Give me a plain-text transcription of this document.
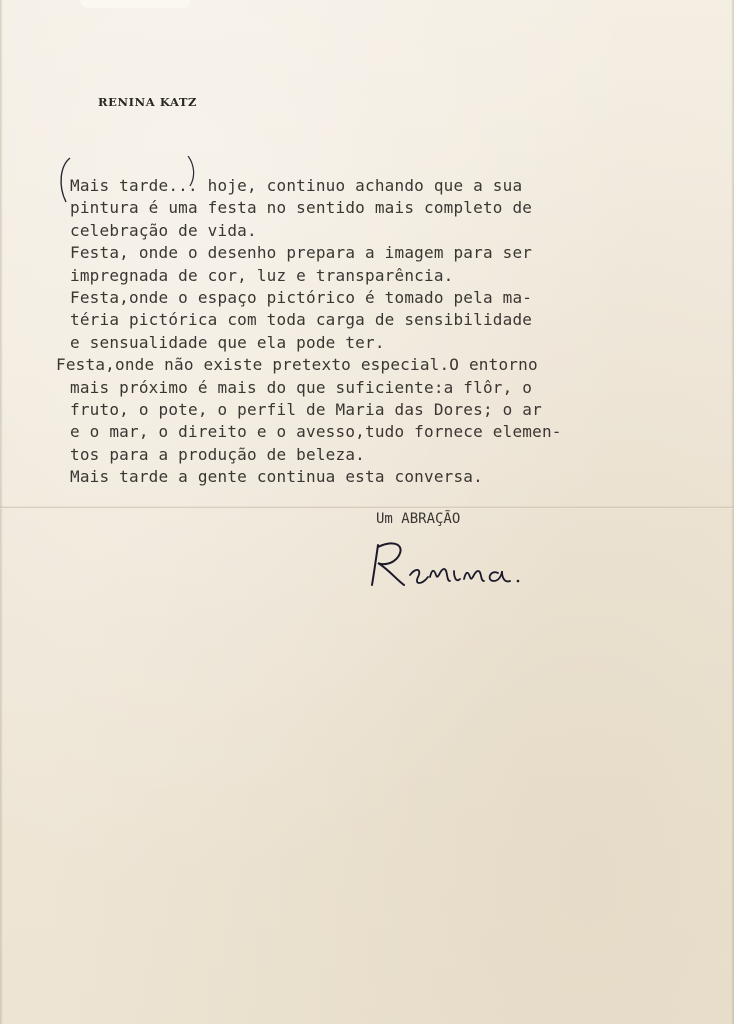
RENINA KATZ

Mais tarde... hoje, continuo achando que a sua
pintura é uma festa no sentido mais completo de
celebração de vida.
Festa, onde o desenho prepara a imagem para ser
impregnada de cor, luz e transparência.
Festa,onde o espaço pictórico é tomado pela ma-
téria pictórica com toda carga de sensibilidade
e sensualidade que ela pode ter.
Festa,onde não existe pretexto especial.O entorno
mais próximo é mais do que suficiente:a flôr, o
fruto, o pote, o perfil de Maria das Dores; o ar
e o mar, o direito e o avesso,tudo fornece elemen-
tos para a produção de beleza.
Mais tarde a gente continua esta conversa.

Um ABRAÇÃO
